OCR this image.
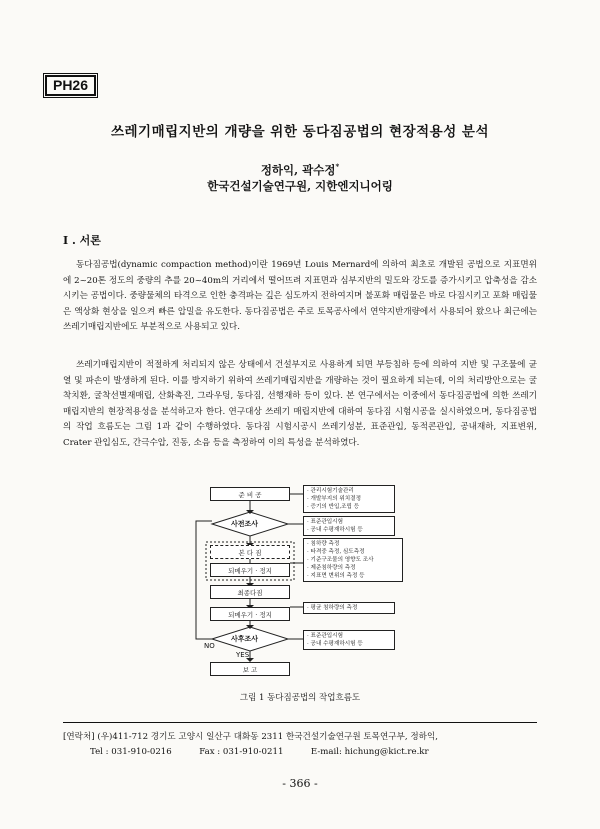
PH26
쓰레기매립지반의 개량을 위한 동다짐공법의 현장적용성 분석
정하익, 곽수정*
한국건설기술연구원, 지한엔지니어링
I . 서론

동다짐공법(dynamic compaction method)이란 1969년 Louis Mernard에 의하여 최초로 개발된 공법으로 지표면위에 2~20톤 정도의 중량의 추를 20~40m의 거리에서 떨어뜨려 지표면과 심부지반의 밀도와 강도를 증가시키고 압축성을 감소시키는 공법이다. 중량물체의 타격으로 인한 충격파는 깊은 심도까지 전하여지며 불포화 매립물은 바로 다짐시키고 포화 매립물은 액상화 현상을 일으켜 빠른 압밀을 유도한다. 동다짐공법은 주로 토목공사에서 연약지반개량에서 사용되어 왔으나 최근에는 쓰레기매립지반에도 부분적으로 사용되고 있다.

쓰레기매립지반이 적절하게 처리되지 않은 상태에서 건설부지로 사용하게 되면 부등침하 등에 의하여 지반 및 구조물에 균열 및 파손이 발생하게 된다. 이를 방지하기 위하여 쓰레기매립지반을 개량하는 것이 필요하게 되는데, 이의 처리방안으로는 굴착치환, 굴착선별재매립, 산화촉진, 그라우팅, 동다짐, 선행재하 등이 있다. 본 연구에서는 이중에서 동다짐공법에 의한 쓰레기 매립지반의 현장적용성을 분석하고자 한다. 연구대상 쓰레기 매립지반에 대하여 동다짐 시험시공을 실시하였으며, 동다짐공법의 작업 흐름도는 그림 1과 같이 수행하였다. 동다짐 시험시공시 쓰레기성분, 표준관입, 동적콘관입, 공내재하, 지표변위, Crater 관입심도, 간극수압, 진동, 소음 등을 측정하여 이의 특성을 분석하였다.

준 비 공
사전조사
본 다 짐
되메우기 · 정지
최종다짐
되메우기 · 정지
사후조사
보 고
NO
YES
· 관리시험기술관리
· 개발부지의 위치결정
· 증기의 반입,조립 등
· 표준관입시험
· 공내 수평재하시험 등
· 침하량 측정
· 타격중 측정, 심도측정
· 기준구조물의 영향도 조사
· 제준침하량의 측정
· 지표면 변위의 측정 등
· 평균 침하량의 측정
· 표준관입시험
· 공내 수평재하시험 등
그림 1 동다짐공법의 작업흐름도
[연락처] (우)411-712 경기도 고양시 일산구 대화동 2311 한국건설기술연구원 토목연구부, 정하익,
Tel : 031-910-0216	Fax : 031-910-0211	E-mail: hichung@kict.re.kr
- 366 -
